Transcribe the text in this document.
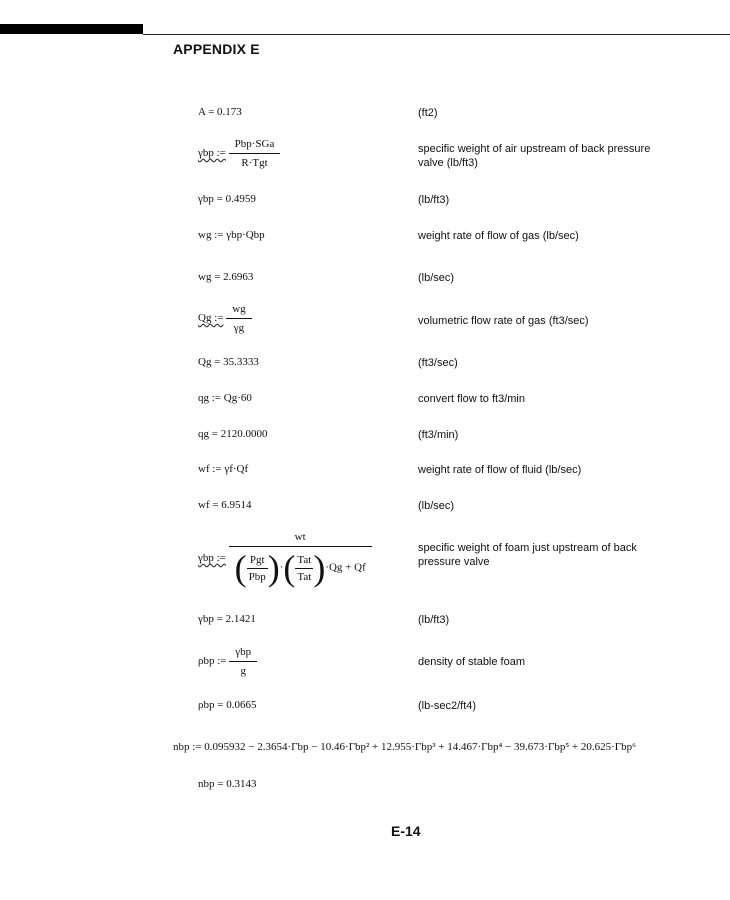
APPENDIX E
A = 0.173	(ft2)
γbp := $\frac{\text{Pbp·SGa}}{\text{R·Tgt}}$	specific weight of air upstream of back pressure valve (lb/ft3)
γbp = 0.4959	(lb/ft3)
wg := γbp·Qbp	weight rate of flow of gas (lb/sec)
wg = 2.6963	(lb/sec)
Qg := $\frac{wg}{\gamma g}$	volumetric flow rate of gas (ft3/sec)
Qg = 35.3333	(ft3/sec)
qg := Qg·60	convert flow to ft3/min
qg = 2120.0000	(ft3/min)
wf := γf·Qf	weight rate of flow of fluid (lb/sec)
wf = 6.9514	(lb/sec)
γbp := $\frac{wt}{( \frac{\text{Pgt}}{\text{Pbp}} )\cdot( \frac{\text{Tat}}{\text{Tat}} )\cdot Qg + Qf}$	specific weight of foam just upstream of back pressure valve
γbp = 2.1421	(lb/ft3)
ρbp := $\frac{\text{γbp}}{g}$	density of stable foam
ρbp = 0.0665	(lb-sec2/ft4)
nbp := 0.095932 − 2.3654·Γbp − 10.46·Γbp² + 12.955·Γbp³ + 14.467·Γbp⁴ − 39.673·Γbp⁵ + 20.625·Γbp⁶
nbp = 0.3143
E-14
